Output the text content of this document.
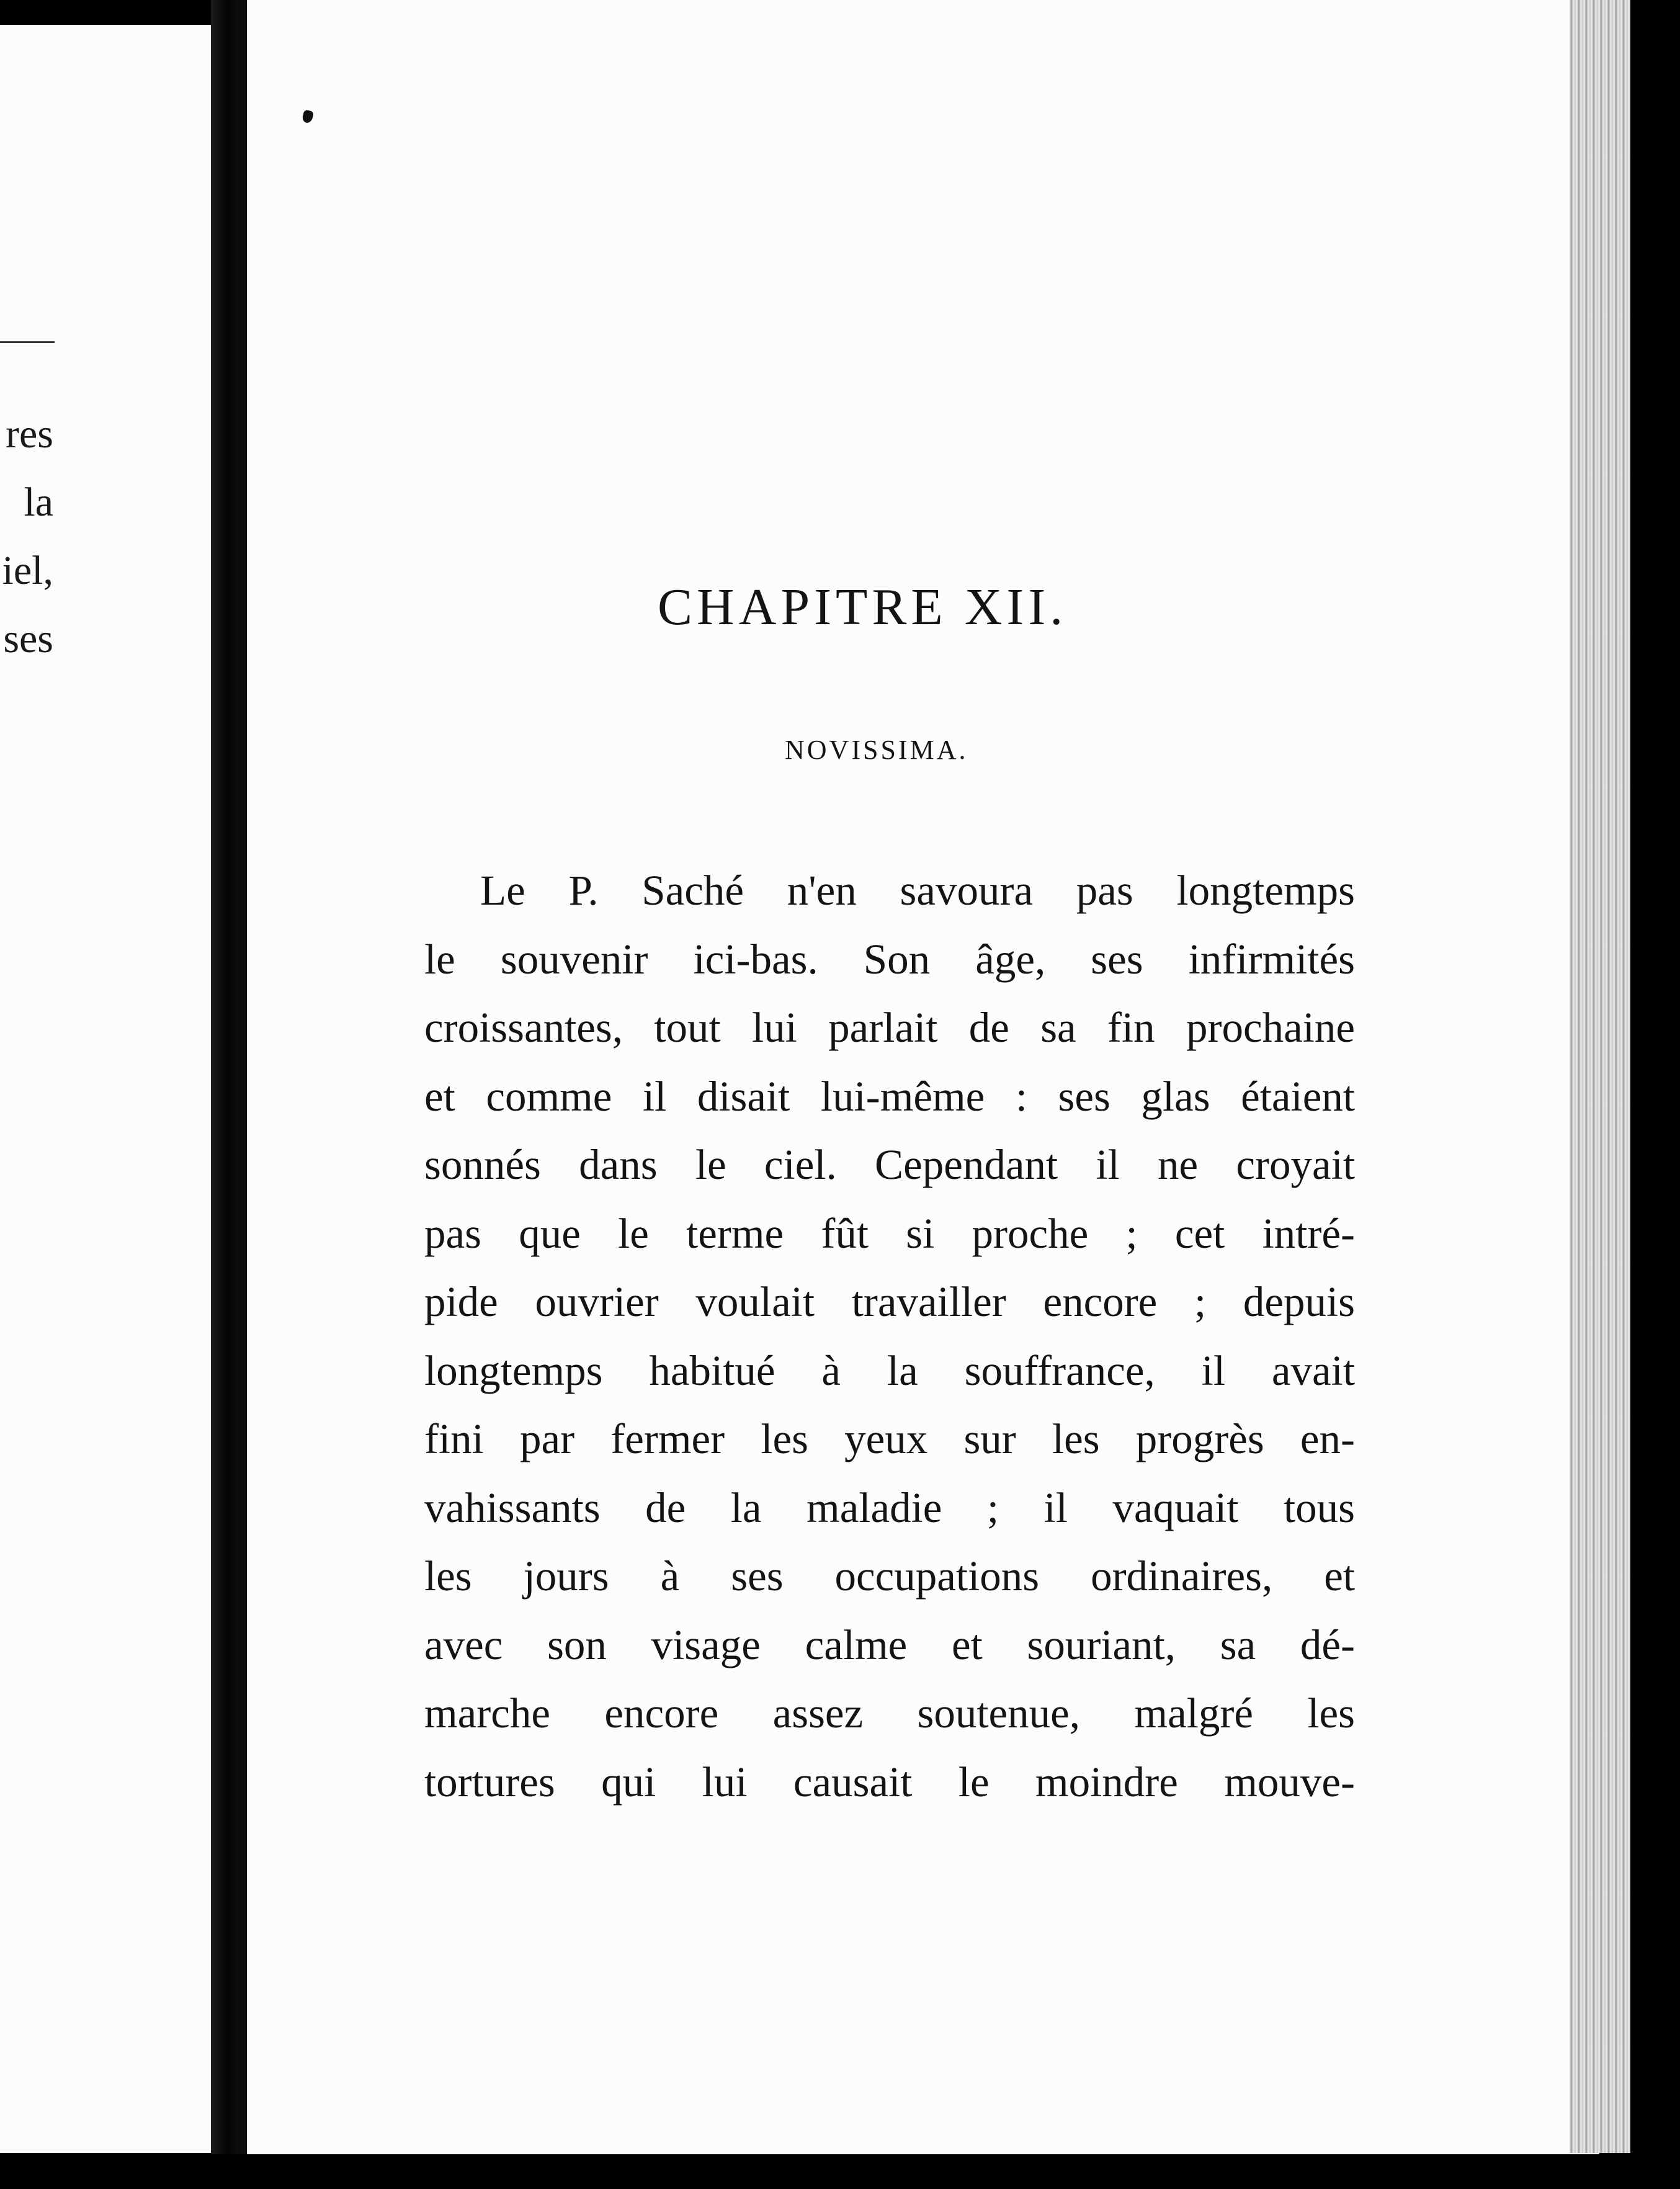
res
la
iel,
ses
CHAPITRE XII.
NOVISSIMA.
Le P. Saché n'en savoura pas longtemps
le souvenir ici-bas. Son âge, ses infirmités
croissantes, tout lui parlait de sa fin prochaine
et comme il disait lui-même : ses glas étaient
sonnés dans le ciel. Cependant il ne croyait
pas que le terme fût si proche ; cet intré-
pide ouvrier voulait travailler encore ; depuis
longtemps habitué à la souffrance, il avait
fini par fermer les yeux sur les progrès en-
vahissants de la maladie ; il vaquait tous
les jours à ses occupations ordinaires, et
avec son visage calme et souriant, sa dé-
marche encore assez soutenue, malgré les
tortures qui lui causait le moindre mouve-
